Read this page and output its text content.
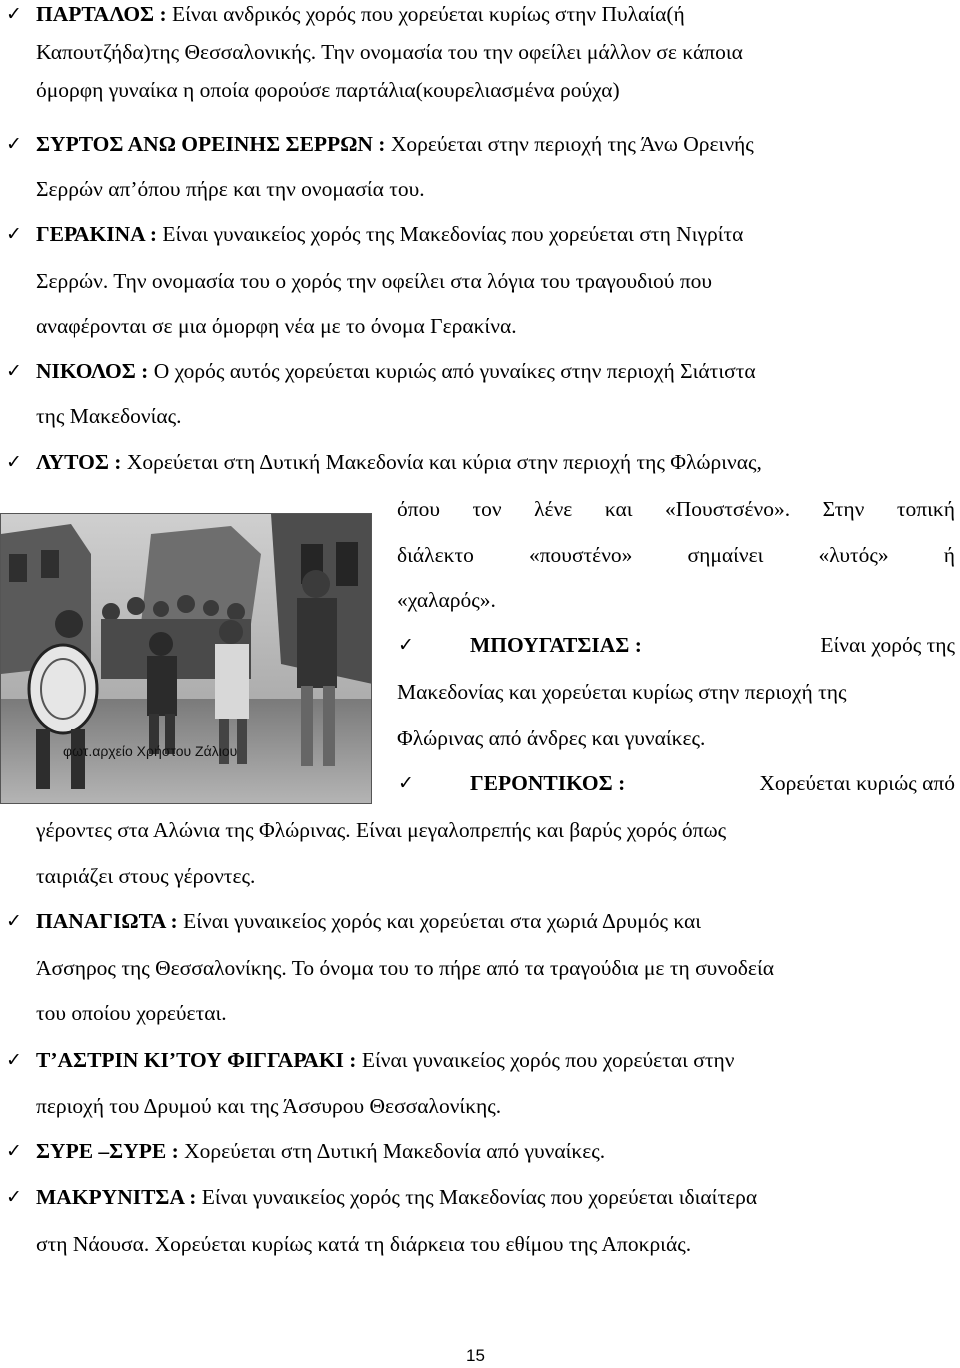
✓ ΠΑΡΤΑΛΟΣ : Είναι ανδρικός χορός που χορεύεται κυρίως στην Πυλαία(ή
Καπουτζήδα)της Θεσσαλονικής. Την ονομασία του την οφείλει μάλλον σε κάποια
όμορφη γυναίκα η οποία φορούσε παρτάλια(κουρελιασμένα ρούχα)
✓ ΣΥΡΤΟΣ ΑΝΩ ΟΡΕΙΝΗΣ ΣΕΡΡΩΝ : Χορεύεται στην περιοχή της Άνω Ορεινής
Σερρών απ’όπου πήρε και την ονομασία του.
✓ ΓΕΡΑΚΙΝΑ : Είναι γυναικείος χορός της Μακεδονίας που χορεύεται στη Νιγρίτα
Σερρών. Την ονομασία του ο χορός την οφείλει στα λόγια του τραγουδιού που
αναφέρονται σε μια όμορφη νέα με το όνομα Γερακίνα.
✓ ΝΙΚΟΛΟΣ : Ο χορός αυτός χορεύεται κυριώς από γυναίκες στην περιοχή Σιάτιστα
της Μακεδονίας.
✓ ΛΥΤΟΣ : Χορεύεται στη Δυτική Μακεδονία και κύρια στην περιοχή της Φλώρινας,
όπου τον λένε και «Πουστσένο». Στην τοπική
διάλεκτο	«πουστένο»	σημαίνει	«λυτός»	ή
«χαλαρός».
φωτ.αρχείο Χρήστου Ζάλιου
✓	ΜΠΟΥΓΑΤΣΙΑΣ :	Είναι χορός της
Μακεδονίας και χορεύεται κυρίως στην περιοχή της
Φλώρινας από άνδρες και γυναίκες.
✓	ΓΕΡΟΝΤΙΚΟΣ :	Χορεύεται κυριώς από
γέροντες στα Αλώνια της Φλώρινας. Είναι μεγαλοπρεπής και βαρύς χορός όπως
ταιριάζει στους γέροντες.
✓ ΠΑΝΑΓΙΩΤΑ : Είναι γυναικείος χορός και χορεύεται στα χωριά Δρυμός και
Άσσηρος της Θεσσαλονίκης. Το όνομα του το πήρε από τα τραγούδια με τη συνοδεία
του οποίου χορεύεται.
✓ Τ’ΑΣΤΡΙΝ ΚΙ’ΤΟΥ ΦΙΓΓΑΡΑΚΙ : Είναι γυναικείος χορός που χορεύεται στην
περιοχή του Δρυμού και της Άσσυρου Θεσσαλονίκης.
✓ ΣΥΡΕ –ΣΥΡΕ : Χορεύεται στη Δυτική Μακεδονία από γυναίκες.
✓ ΜΑΚΡΥΝΙΤΣΑ : Είναι γυναικείος χορός της Μακεδονίας που χορεύεται ιδιαίτερα
στη Νάουσα. Χορεύεται κυρίως κατά τη διάρκεια του εθίμου της Αποκριάς.
15
